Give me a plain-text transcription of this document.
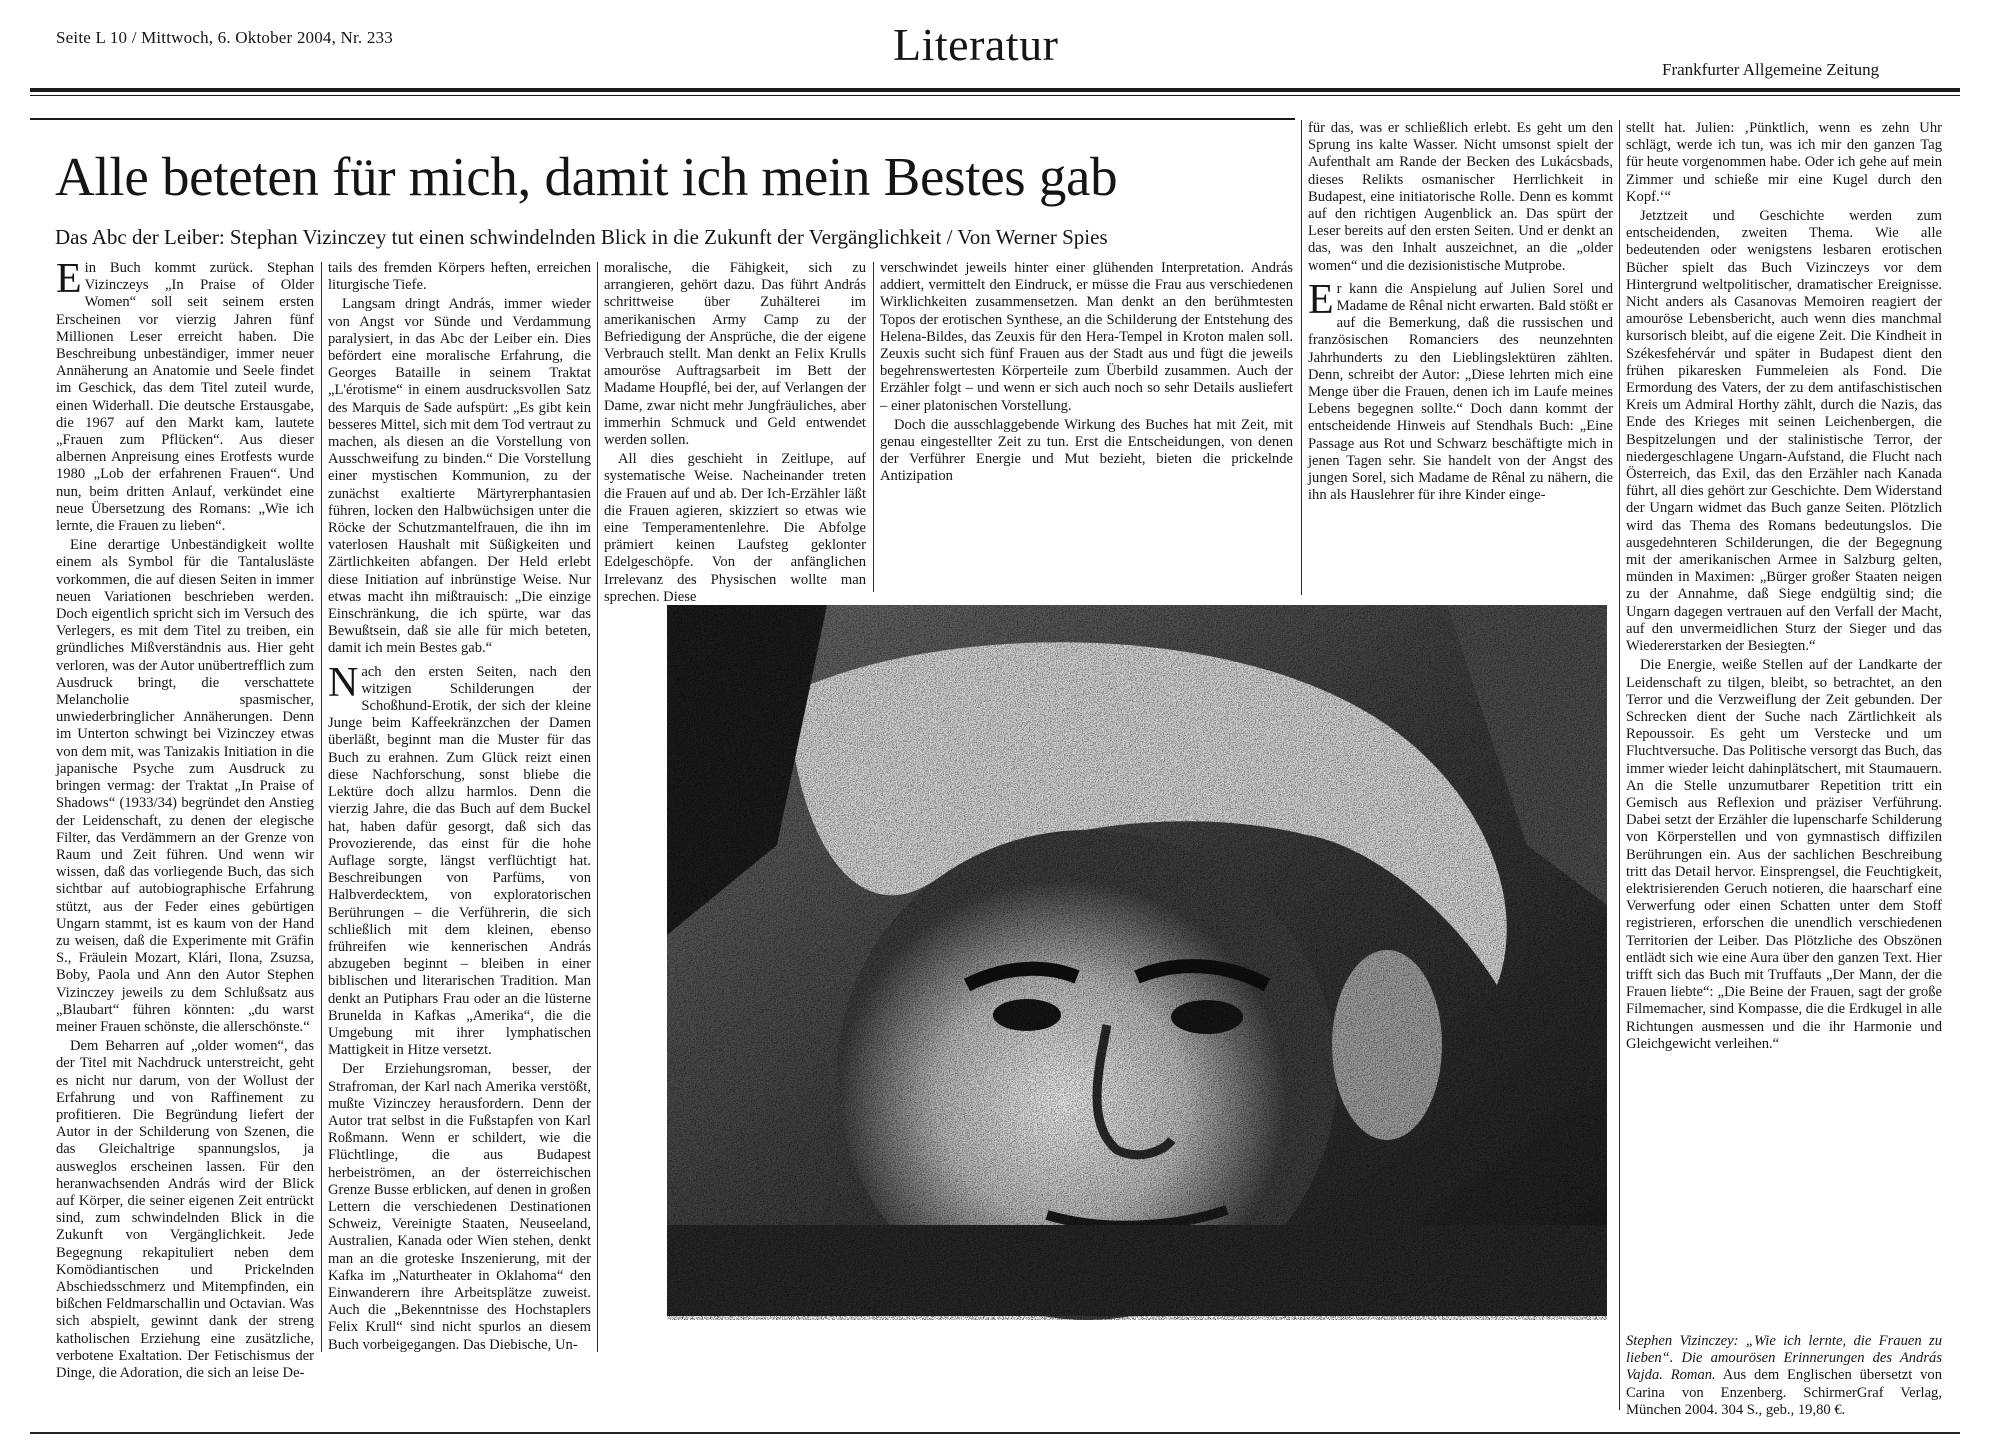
Seite L 10 / Mittwoch, 6. Oktober 2004, Nr. 233	Literatur	Frankfurter Allgemeine Zeitung
Alle beteten für mich, damit ich mein Bestes gab
Das Abc der Leiber: Stephan Vizinczey tut einen schwindelnden Blick in die Zukunft der Vergänglichkeit / Von Werner Spies

Ein Buch kommt zurück. Stephan Vizinczeys „In Praise of Older Women“ soll seit seinem ersten Erscheinen vor vierzig Jahren fünf Millionen Leser erreicht haben. Die Beschreibung unbeständiger, immer neuer Annäherung an Anatomie und Seele findet im Geschick, das dem Titel zuteil wurde, einen Widerhall. Die deutsche Erstausgabe, die 1967 auf den Markt kam, lautete „Frauen zum Pflücken“. Aus dieser albernen Anpreisung eines Erotfests wurde 1980 „Lob der erfahrenen Frauen“. Und nun, beim dritten Anlauf, verkündet eine neue Übersetzung des Romans: „Wie ich lernte, die Frauen zu lieben“.

Eine derartige Unbeständigkeit wollte einem als Symbol für die Tantalusläste vorkommen, die auf diesen Seiten in immer neuen Variationen beschrieben werden. Doch eigentlich spricht sich im Versuch des Verlegers, es mit dem Titel zu treiben, ein gründliches Mißverständnis aus. Hier geht verloren, was der Autor unübertrefflich zum Ausdruck bringt, die verschattete Melancholie spasmischer, unwiederbringlicher Annäherungen. Denn im Unterton schwingt bei Vizinczey etwas von dem mit, was Tanizakis Initiation in die japanische Psyche zum Ausdruck zu bringen vermag: der Traktat „In Praise of Shadows“ (1933/34) begründet den Anstieg der Leidenschaft, zu denen der elegische Filter, das Verdämmern an der Grenze von Raum und Zeit führen. Und wenn wir wissen, daß das vorliegende Buch, das sich sichtbar auf autobiographische Erfahrung stützt, aus der Feder eines gebürtigen Ungarn stammt, ist es kaum von der Hand zu weisen, daß die Experimente mit Gräfin S., Fräulein Mozart, Klári, Ilona, Zsuzsa, Boby, Paola und Ann den Autor Stephen Vizinczey jeweils zu dem Schlußsatz aus „Blaubart“ führen könnten: „du warst meiner Frauen schönste, die allerschönste.“

Dem Beharren auf „older women“, das der Titel mit Nachdruck unterstreicht, geht es nicht nur darum, von der Wollust der Erfahrung und von Raffinement zu profitieren. Die Begründung liefert der Autor in der Schilderung von Szenen, die das Gleichaltrige spannungslos, ja ausweglos erscheinen lassen. Für den heranwachsenden András wird der Blick auf Körper, die seiner eigenen Zeit entrückt sind, zum schwindelnden Blick in die Zukunft von Vergänglichkeit. Jede Begegnung rekapituliert neben dem Komödiantischen und Prickelnden Abschiedsschmerz und Mitempfinden, ein bißchen Feldmarschallin und Octavian. Was sich abspielt, gewinnt dank der streng katholischen Erziehung eine zusätzliche, verbotene Exaltation. Der Fetischismus der Dinge, die Adoration, die sich an leise De-

tails des fremden Körpers heften, erreichen liturgische Tiefe.

Langsam dringt András, immer wieder von Angst vor Sünde und Verdammung paralysiert, in das Abc der Leiber ein. Dies befördert eine moralische Erfahrung, die Georges Bataille in seinem Traktat „L'érotisme“ in einem ausdrucksvollen Satz des Marquis de Sade aufspürt: „Es gibt kein besseres Mittel, sich mit dem Tod vertraut zu machen, als diesen an die Vorstellung von Ausschweifung zu binden.“ Die Vorstellung einer mystischen Kommunion, zu der zunächst exaltierte Märtyrerphantasien führen, locken den Halbwüchsigen unter die Röcke der Schutzmantelfrauen, die ihn im vaterlosen Haushalt mit Süßigkeiten und Zärtlichkeiten abfangen. Der Held erlebt diese Initiation auf inbrünstige Weise. Nur etwas macht ihn mißtrauisch: „Die einzige Einschränkung, die ich spürte, war das Bewußtsein, daß sie alle für mich beteten, damit ich mein Bestes gab.“

Nach den ersten Seiten, nach den witzigen Schilderungen der Schoßhund-Erotik, der sich der kleine Junge beim Kaffeekränzchen der Damen überläßt, beginnt man die Muster für das Buch zu erahnen. Zum Glück reizt einen diese Nachforschung, sonst bliebe die Lektüre doch allzu harmlos. Denn die vierzig Jahre, die das Buch auf dem Buckel hat, haben dafür gesorgt, daß sich das Provozierende, das einst für die hohe Auflage sorgte, längst verflüchtigt hat. Beschreibungen von Parfüms, von Halbverdecktem, von exploratorischen Berührungen – die Verführerin, die sich schließlich mit dem kleinen, ebenso frühreifen wie kennerischen András abzugeben beginnt – bleiben in einer biblischen und literarischen Tradition. Man denkt an Putiphars Frau oder an die lüsterne Brunelda in Kafkas „Amerika“, die die Umgebung mit ihrer lymphatischen Mattigkeit in Hitze versetzt.

Der Erziehungsroman, besser, der Strafroman, der Karl nach Amerika verstößt, mußte Vizinczey herausfordern. Denn der Autor trat selbst in die Fußstapfen von Karl Roßmann. Wenn er schildert, wie die Flüchtlinge, die aus Budapest herbeiströmen, an der österreichischen Grenze Busse erblicken, auf denen in großen Lettern die verschiedenen Destinationen Schweiz, Vereinigte Staaten, Neuseeland, Australien, Kanada oder Wien stehen, denkt man an die groteske Inszenierung, mit der Kafka im „Naturtheater in Oklahoma“ den Einwanderern ihre Arbeitsplätze zuweist. Auch die „Bekenntnisse des Hochstaplers Felix Krull“ sind nicht spurlos an diesem Buch vorbeigegangen. Das Diebische, Un-

moralische, die Fähigkeit, sich zu arrangieren, gehört dazu. Das führt András schrittweise über Zuhälterei im amerikanischen Army Camp zu der Befriedigung der Ansprüche, die der eigene Verbrauch stellt. Man denkt an Felix Krulls amouröse Auftragsarbeit im Bett der Madame Houpflé, bei der, auf Verlangen der Dame, zwar nicht mehr Jungfräuliches, aber immerhin Schmuck und Geld entwendet werden sollen.

All dies geschieht in Zeitlupe, auf systematische Weise. Nacheinander treten die Frauen auf und ab. Der Ich-Erzähler läßt die Frauen agieren, skizziert so etwas wie eine Temperamentenlehre. Die Abfolge prämiert keinen Laufsteg geklonter Edelgeschöpfe. Von der anfänglichen Irrelevanz des Physischen wollte man sprechen. Diese

verschwindet jeweils hinter einer glühenden Interpretation. András addiert, vermittelt den Eindruck, er müsse die Frau aus verschiedenen Wirklichkeiten zusammensetzen. Man denkt an den berühmtesten Topos der erotischen Synthese, an die Schilderung der Entstehung des Helena-Bildes, das Zeuxis für den Hera-Tempel in Kroton malen soll. Zeuxis sucht sich fünf Frauen aus der Stadt aus und fügt die jeweils begehrenswertesten Körperteile zum Überbild zusammen. Auch der Erzähler folgt – und wenn er sich auch noch so sehr Details ausliefert – einer platonischen Vorstellung.

Doch die ausschlaggebende Wirkung des Buches hat mit Zeit, mit genau eingestellter Zeit zu tun. Erst die Entscheidungen, von denen der Verführer Energie und Mut bezieht, bieten die prickelnde Antizipation

für das, was er schließlich erlebt. Es geht um den Sprung ins kalte Wasser. Nicht umsonst spielt der Aufenthalt am Rande der Becken des Lukácsbads, dieses Relikts osmanischer Herrlichkeit in Budapest, eine initiatorische Rolle. Denn es kommt auf den richtigen Augenblick an. Das spürt der Leser bereits auf den ersten Seiten. Und er denkt an das, was den Inhalt auszeichnet, an die „older women“ und die dezisionistische Mutprobe.

Er kann die Anspielung auf Julien Sorel und Madame de Rênal nicht erwarten. Bald stößt er auf die Bemerkung, daß die russischen und französischen Romanciers des neunzehnten Jahrhunderts zu den Lieblingslektüren zählten. Denn, schreibt der Autor: „Diese lehrten mich eine Menge über die Frauen, denen ich im Laufe meines Lebens begegnen sollte.“ Doch dann kommt der entscheidende Hinweis auf Stendhals Buch: „Eine Passage aus Rot und Schwarz beschäftigte mich in jenen Tagen sehr. Sie handelt von der Angst des jungen Sorel, sich Madame de Rênal zu nähern, die ihn als Hauslehrer für ihre Kinder einge-

stellt hat. Julien: ‚Pünktlich, wenn es zehn Uhr schlägt, werde ich tun, was ich mir den ganzen Tag für heute vorgenommen habe. Oder ich gehe auf mein Zimmer und schieße mir eine Kugel durch den Kopf.‘“

Jetztzeit und Geschichte werden zum entscheidenden, zweiten Thema. Wie alle bedeutenden oder wenigstens lesbaren erotischen Bücher spielt das Buch Vizinczeys vor dem Hintergrund weltpolitischer, dramatischer Ereignisse. Nicht anders als Casanovas Memoiren reagiert der amouröse Lebensbericht, auch wenn dies manchmal kursorisch bleibt, auf die eigene Zeit. Die Kindheit in Székesfehérvár und später in Budapest dient den frühen pikaresken Fummeleien als Fond. Die Ermordung des Vaters, der zu dem antifaschistischen Kreis um Admiral Horthy zählt, durch die Nazis, das Ende des Krieges mit seinen Leichenbergen, die Bespitzelungen und der stalinistische Terror, der niedergeschlagene Ungarn-Aufstand, die Flucht nach Österreich, das Exil, das den Erzähler nach Kanada führt, all dies gehört zur Geschichte. Dem Widerstand der Ungarn widmet das Buch ganze Seiten. Plötzlich wird das Thema des Romans bedeutungslos. Die ausgedehnteren Schilderungen, die der Begegnung mit der amerikanischen Armee in Salzburg gelten, münden in Maximen: „Bürger großer Staaten neigen zu der Annahme, daß Siege endgültig sind; die Ungarn dagegen vertrauen auf den Verfall der Macht, auf den unvermeidlichen Sturz der Sieger und das Wiedererstarken der Besiegten.“

Die Energie, weiße Stellen auf der Landkarte der Leidenschaft zu tilgen, bleibt, so betrachtet, an den Terror und die Verzweiflung der Zeit gebunden. Der Schrecken dient der Suche nach Zärtlichkeit als Repoussoir. Es geht um Verstecke und um Fluchtversuche. Das Politische versorgt das Buch, das immer wieder leicht dahinplätschert, mit Staumauern. An die Stelle unzumutbarer Repetition tritt ein Gemisch aus Reflexion und präziser Verführung. Dabei setzt der Erzähler die lupenscharfe Schilderung von Körperstellen und von gymnastisch diffizilen Berührungen ein. Aus der sachlichen Beschreibung tritt das Detail hervor. Einsprengsel, die Feuchtigkeit, elektrisierenden Geruch notieren, die haarscharf eine Verwerfung oder einen Schatten unter dem Stoff registrieren, erforschen die unendlich verschiedenen Territorien der Leiber. Das Plötzliche des Obszönen entlädt sich wie eine Aura über den ganzen Text. Hier trifft sich das Buch mit Truffauts „Der Mann, der die Frauen liebte“: „Die Beine der Frauen, sagt der große Filmemacher, sind Kompasse, die die Erdkugel in alle Richtungen ausmessen und die ihr Harmonie und Gleichgewicht verleihen.“

Stephen Vizinczey: „Wie ich lernte, die Frauen zu lieben“. Die amourösen Erinnerungen des András Vajda. Roman. Aus dem Englischen übersetzt von Carina von Enzenberg. SchirmerGraf Verlag, München 2004. 304 S., geb., 19,80 €.
